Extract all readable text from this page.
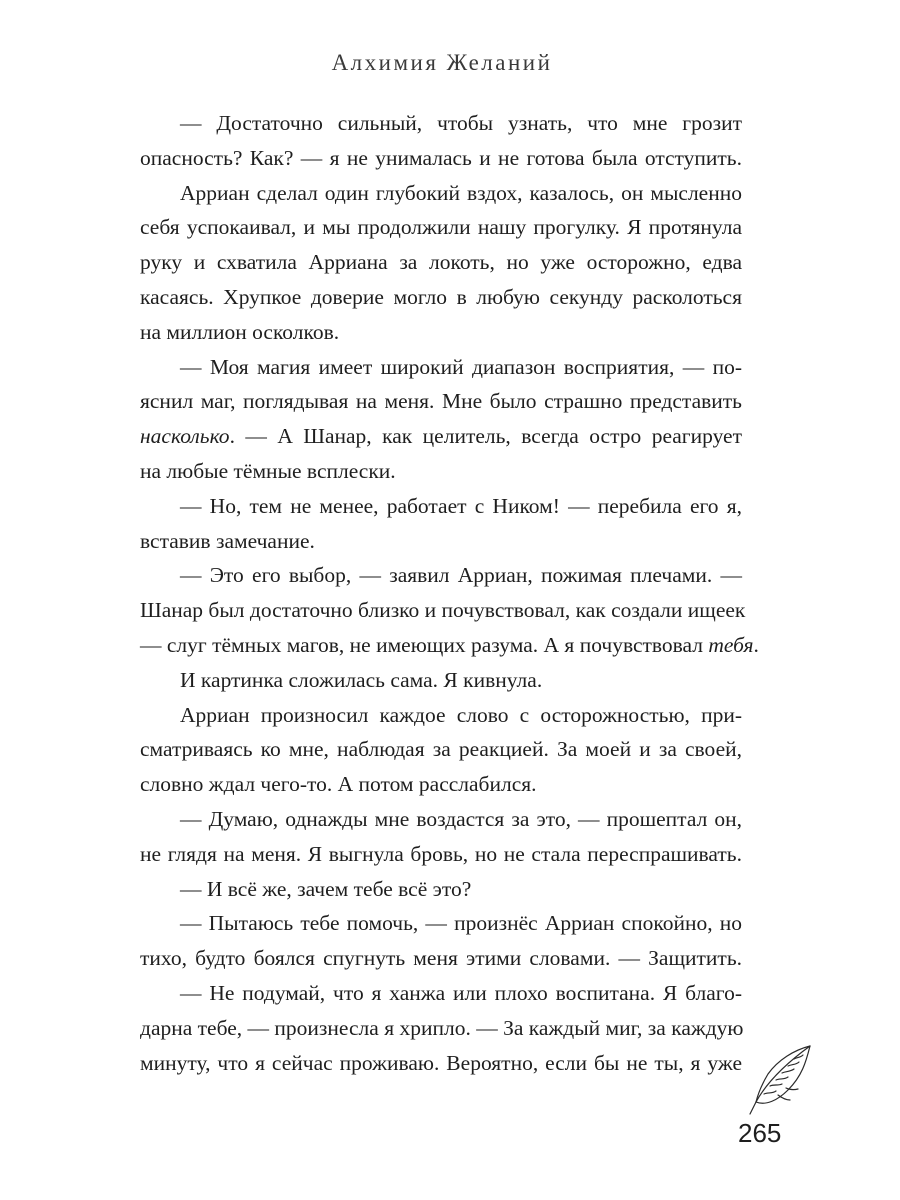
Алхимия Желаний
— Достаточно сильный, чтобы узнать, что мне грозит
опасность? Как? — я не унималась и не готова была отступить.
Арриан сделал один глубокий вздох, казалось, он мысленно
себя успокаивал, и мы продолжили нашу прогулку. Я протянула
руку и схватила Арриана за локоть, но уже осторожно, едва
касаясь. Хрупкое доверие могло в любую секунду расколоться
на миллион осколков.
— Моя магия имеет широкий диапазон восприятия, — по-
яснил маг, поглядывая на меня. Мне было страшно представить
насколько. — А Шанар, как целитель, всегда остро реагирует
на любые тёмные всплески.
— Но, тем не менее, работает с Ником! — перебила его я,
вставив замечание.
— Это его выбор, — заявил Арриан, пожимая плечами. —
Шанар был достаточно близко и почувствовал, как создали ищеек
— слуг тёмных магов, не имеющих разума. А я почувствовал тебя.
И картинка сложилась сама. Я кивнула.
Арриан произносил каждое слово с осторожностью, при-
сматриваясь ко мне, наблюдая за реакцией. За моей и за своей,
словно ждал чего-то. А потом расслабился.
— Думаю, однажды мне воздастся за это, — прошептал он,
не глядя на меня. Я выгнула бровь, но не стала переспрашивать.
— И всё же, зачем тебе всё это?
— Пытаюсь тебе помочь, — произнёс Арриан спокойно, но
тихо, будто боялся спугнуть меня этими словами. — Защитить.
— Не подумай, что я ханжа или плохо воспитана. Я благо-
дарна тебе, — произнесла я хрипло. — За каждый миг, за каждую
минуту, что я сейчас проживаю. Вероятно, если бы не ты, я уже
265
